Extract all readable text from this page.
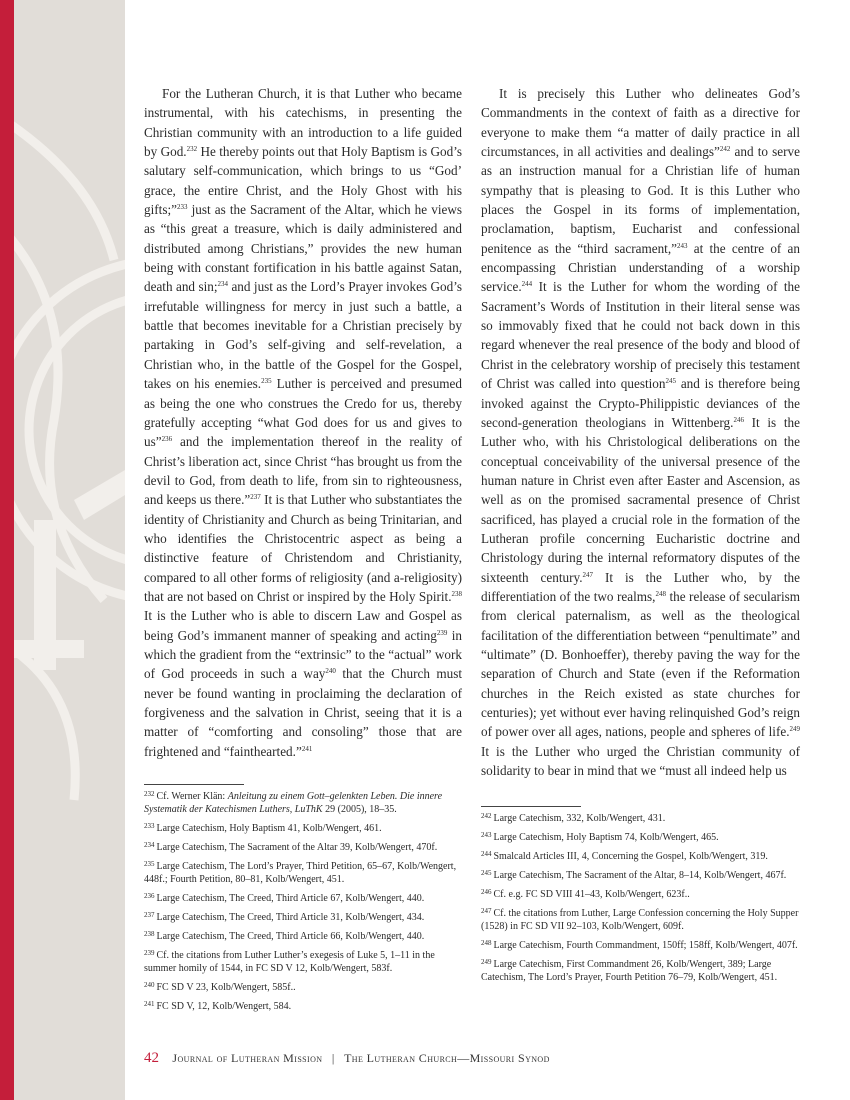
For the Lutheran Church, it is that Luther who became instrumental, with his catechisms, in presenting the Christian community with an introduction to a life guided by God.$^{232}$ He thereby points out that Holy Baptism is God’s salutary self-communication, which brings to us “God’ grace, the entire Christ, and the Holy Ghost with his gifts;”$^{233}$ just as the Sacrament of the Altar, which he views as “this great a treasure, which is daily administered and distributed among Christians,” provides the new human being with constant fortification in his battle against Satan, death and sin;$^{234}$ and just as the Lord’s Prayer invokes God’s irrefutable willingness for mercy in just such a battle, a battle that becomes inevitable for a Christian precisely by partaking in God’s self-giving and self-revelation, a Christian who, in the battle of the Gospel for the Gospel, takes on his enemies.$^{235}$ Luther is perceived and presumed as being the one who construes the Credo for us, thereby gratefully accepting “what God does for us and gives to us”$^{236}$ and the implementation thereof in the reality of Christ’s liberation act, since Christ “has brought us from the devil to God, from death to life, from sin to righteousness, and keeps us there.”$^{237}$ It is that Luther who substantiates the identity of Christianity and Church as being Trinitarian, and who identifies the Christocentric aspect as being a distinctive feature of Christendom and Christianity, compared to all other forms of religiosity (and a-religiosity) that are not based on Christ or inspired by the Holy Spirit.$^{238}$ It is the Luther who is able to discern Law and Gospel as being God’s immanent manner of speaking and acting$^{239}$ in which the gradient from the “extrinsic” to the “actual” work of God proceeds in such a way$^{240}$ that the Church must never be found wanting in proclaiming the declaration of forgiveness and the salvation in Christ, seeing that it is a matter of “comforting and consoling” those that are frightened and “fainthearted.”$^{241}$

It is precisely this Luther who delineates God’s Commandments in the context of faith as a directive for everyone to make them “a matter of daily practice in all circumstances, in all activities and dealings”$^{242}$ and to serve as an instruction manual for a Christian life of human sympathy that is pleasing to God. It is this Luther who places the Gospel in its forms of implementation, proclamation, baptism, Eucharist and confessional penitence as the “third sacrament,”$^{243}$ at the centre of an encompassing Christian understanding of a worship service.$^{244}$ It is the Luther for whom the wording of the Sacrament’s Words of Institution in their literal sense was so immovably fixed that he could not back down in this regard whenever the real presence of the body and blood of Christ in the celebratory worship of precisely this testament of Christ was called into question$^{245}$ and is therefore being invoked against the Crypto-Philippistic deviances of the second-generation theologians in Wittenberg.$^{246}$ It is the Luther who, with his Christological deliberations on the conceptual conceivability of the universal presence of the human nature in Christ even after Easter and Ascension, as well as on the promised sacramental presence of Christ sacrificed, has played a crucial role in the formation of the Lutheran profile concerning Eucharistic doctrine and Christology during the internal reformatory disputes of the sixteenth century.$^{247}$ It is the Luther who, by the differentiation of the two realms,$^{248}$ the release of secularism from clerical paternalism, as well as the theological facilitation of the differentiation between “penultimate” and “ultimate” (D. Bonhoeffer), thereby paving the way for the separation of Church and State (even if the Reformation churches in the Reich existed as state churches for centuries); yet without ever having relinquished God’s reign of power over all ages, nations, people and spheres of life.$^{249}$ It is the Luther who urged the Christian community of solidarity to bear in mind that we “must all indeed help us

$^{232}$ Cf. Werner Klän: Anleitung zu einem Gott–gelenkten Leben. Die innere Systematik der Katechismen Luthers, LuThK 29 (2005), 18–35.
$^{233}$ Large Catechism, Holy Baptism 41, Kolb/Wengert, 461.
$^{234}$ Large Catechism, The Sacrament of the Altar 39, Kolb/Wengert, 470f.
$^{235}$ Large Catechism, The Lord’s Prayer, Third Petition, 65–67, Kolb/Wengert, 448f.; Fourth Petition, 80–81, Kolb/Wengert, 451.
$^{236}$ Large Catechism, The Creed, Third Article 67, Kolb/Wengert, 440.
$^{237}$ Large Catechism, The Creed, Third Article 31, Kolb/Wengert, 434.
$^{238}$ Large Catechism, The Creed, Third Article 66, Kolb/Wengert, 440.
$^{239}$ Cf. the citations from Luther Luther’s exegesis of Luke 5, 1–11 in the summer homily of 1544, in FC SD V 12, Kolb/Wengert, 583f.
$^{240}$ FC SD V 23, Kolb/Wengert, 585f..
$^{241}$ FC SD V, 12, Kolb/Wengert, 584.
$^{242}$ Large Catechism, 332, Kolb/Wengert, 431.
$^{243}$ Large Catechism, Holy Baptism 74, Kolb/Wengert, 465.
$^{244}$ Smalcald Articles III, 4, Concerning the Gospel, Kolb/Wengert, 319.
$^{245}$ Large Catechism, The Sacrament of the Altar, 8–14, Kolb/Wengert, 467f.
$^{246}$ Cf. e.g. FC SD VIII 41–43, Kolb/Wengert, 623f..
$^{247}$ Cf. the citations from Luther, Large Confession concerning the Holy Supper (1528) in FC SD VII 92–103, Kolb/Wengert, 609f.
$^{248}$ Large Catechism, Fourth Commandment, 150ff; 158ff, Kolb/Wengert, 407f.
$^{249}$ Large Catechism, First Commandment 26, Kolb/Wengert, 389; Large Catechism, The Lord’s Prayer, Fourth Petition 76–79, Kolb/Wengert, 451.
42 Journal of Lutheran Mission | The Lutheran Church—Missouri Synod
